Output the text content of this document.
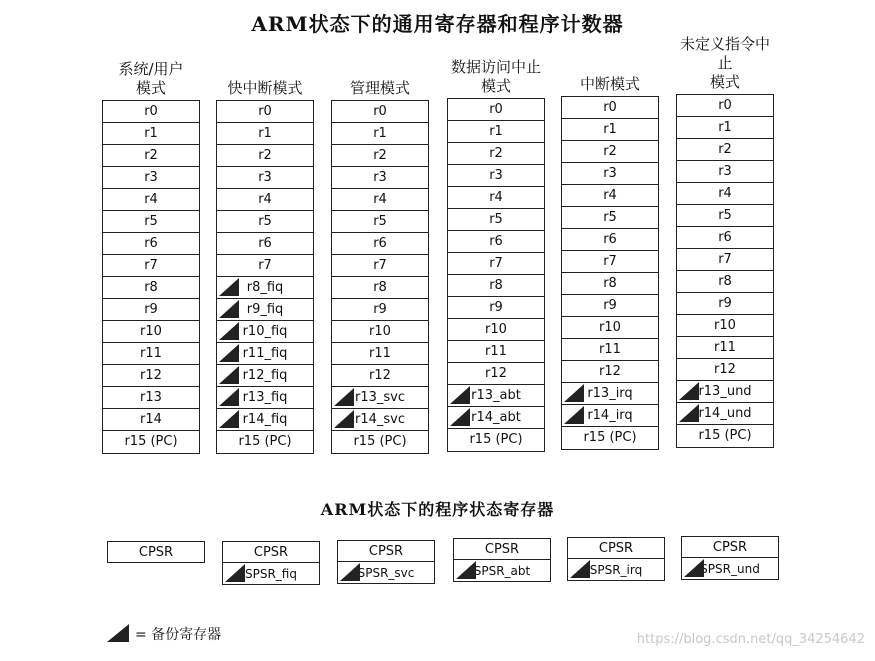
ARM状态下的通用寄存器和程序计数器
系统/用户
模式
r0
r1
r2
r3
r4
r5
r6
r7
r8
r9
r10
r11
r12
r13
r14
r15 (PC)
快中断模式
r0
r1
r2
r3
r4
r5
r6
r7
r8_fiq
r9_fiq
r10_fiq
r11_fiq
r12_fiq
r13_fiq
r14_fiq
r15 (PC)
管理模式
r0
r1
r2
r3
r4
r5
r6
r7
r8
r9
r10
r11
r12
r13_svc
r14_svc
r15 (PC)
数据访问中止
模式
r0
r1
r2
r3
r4
r5
r6
r7
r8
r9
r10
r11
r12
r13_abt
r14_abt
r15 (PC)
中断模式
r0
r1
r2
r3
r4
r5
r6
r7
r8
r9
r10
r11
r12
r13_irq
r14_irq
r15 (PC)
未定义指令中止
模式
r0
r1
r2
r3
r4
r5
r6
r7
r8
r9
r10
r11
r12
r13_und
r14_und
r15 (PC)
ARM状态下的程序状态寄存器
CPSR	CPSR
SPSR_fiq
CPSR
SPSR_svc
CPSR
SPSR_abt
CPSR
SPSR_irq
CPSR
SPSR_und
= 备份寄存器	https://blog.csdn.net/qq_34254642
